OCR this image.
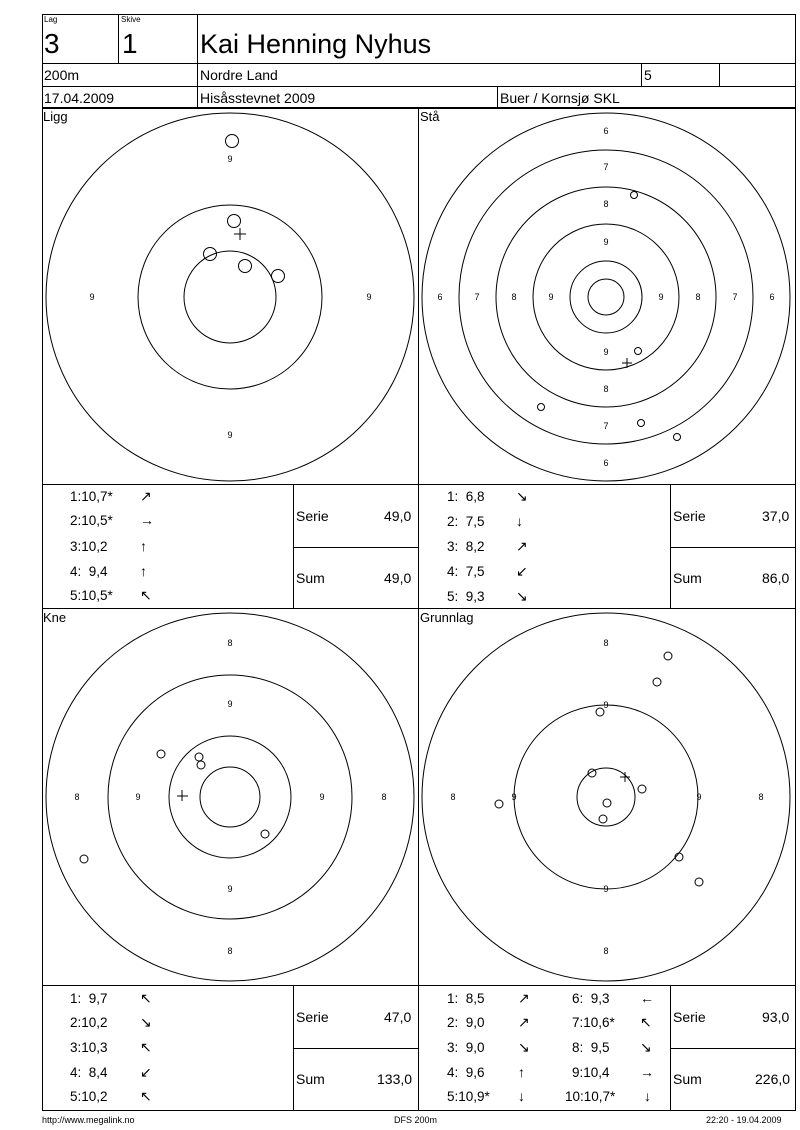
Lag
3
Skive
1 Kai Henning Nyhus
200m	Nordre Land	5
17.04.2009	Hisåsstevnet 2009	Buer / Kornsjø SKL
Ligg	Stå
Kne	Grunnlag
9
9	9
9
6
7
8
9
9
8
7
6
6	7	8	9	9	8	7	6
8
9
9
8
8	9	9	8
8
9
9
8
8	9	9	8
1:10,7* ↗
2:10,5* →
3:10,2 ↑
4:  9,4 ↑
5:10,5* ↖
Serie	49,0
Sum	49,0
1:  6,8 ↘
2:  7,5 ↓
3:  8,2 ↗
4:  7,5 ↙
5:  9,3 ↘
Serie	37,0
Sum	86,0
1:  9,7 ↖
2:10,2 ↘
3:10,3 ↖
4:  8,4 ↙
5:10,2 ↖
Serie	47,0
Sum	133,0
1:  8,5 ↗
2:  9,0 ↗
3:  9,0 ↘
4:  9,6 ↑
5:10,9* ↓
6:  9,3 ←
7:10,6* ↖
8:  9,5 ↘
9:10,4 →
10:10,7* ↓
Serie	93,0
Sum	226,0
http://www.megalink.no	DFS 200m	22:20 - 19.04.2009
